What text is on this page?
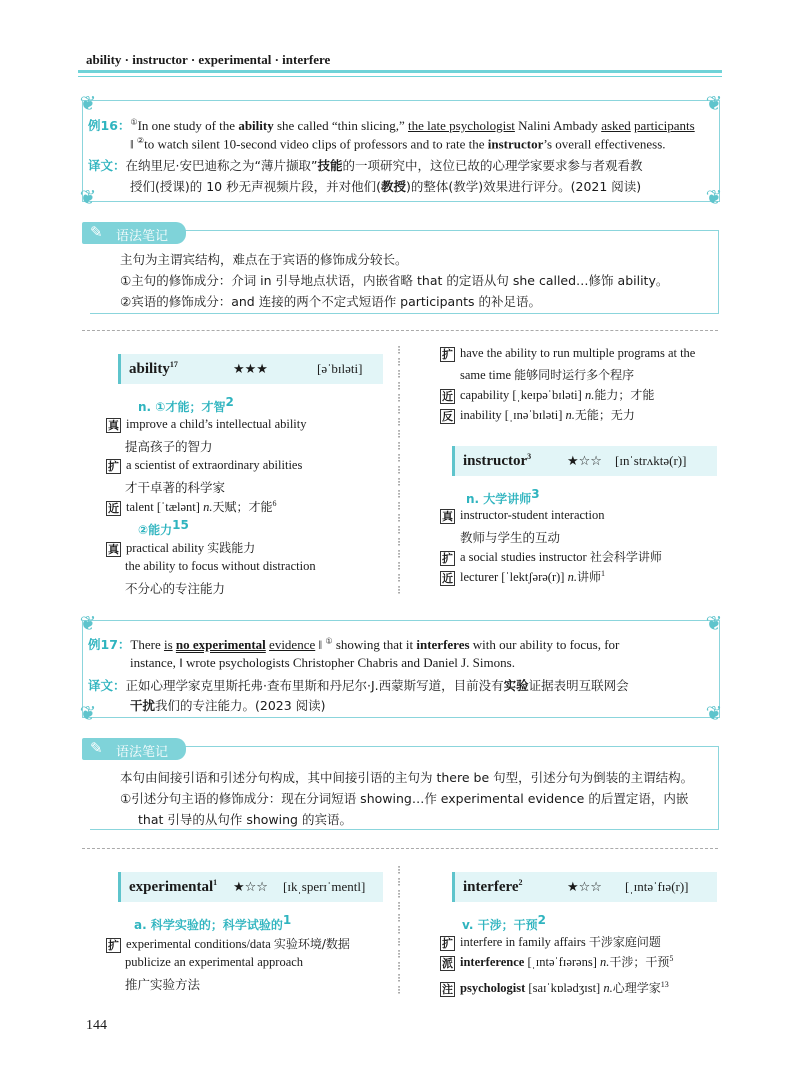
ability · instructor · experimental · interfere
❦	❦
❦	❦
例16：①In one study of the ability she called “thin slicing,” the late psychologist Nalini Ambady asked participants
‖ ②to watch silent 10-second video clips of professors and to rate the instructor’s overall effectiveness.
译文：在纳里尼·安巴迪称之为“薄片撷取”技能的一项研究中，这位已故的心理学家要求参与者观看教
授们(授课)的 10 秒无声视频片段，并对他们(教授)的整体(教学)效果进行评分。(2021 阅读)
✎ 语法笔记
主句为主谓宾结构，难点在于宾语的修饰成分较长。
①主句的修饰成分：介词 in 引导地点状语，内嵌省略 that 的定语从句 she called…修饰 ability。
②宾语的修饰成分：and 连接的两个不定式短语作 participants 的补足语。
ability$^{17}$	★★★	[əˈbɪləti]
n. ①才能；才智$^2$
真 improve a child’s intellectual ability
提高孩子的智力
扩 a scientist of extraordinary abilities
才干卓著的科学家
近 talent [ˈtælənt] n.天赋；才能$^6$
②能力$^{15}$
真 practical ability 实践能力
the ability to focus without distraction
不分心的专注能力
⁝
⁝
⁝
⁝
⁝
⁝
⁝
⁝
⁝
⁝
⁝
⁝
⁝
⁝
⁝
⁝
⁝
⁝
⁝
⁝
⁝
扩 have the ability to run multiple programs at the
same time 能够同时运行多个程序
近 capability [ˌkeɪpəˈbɪləti] n.能力；才能
反 inability [ˌɪnəˈbɪləti] n.无能；无力
instructor$^3$	★☆☆ [ɪnˈstrʌktə(r)]
n. 大学讲师$^3$
真 instructor-student interaction
教师与学生的互动
扩 a social studies instructor 社会科学讲师
近 lecturer [ˈlektʃərə(r)] n.讲师$^1$
❦	❦
❦	❦
例17：There is no experimental evidence ‖ ① showing that it interferes with our ability to focus, for
instance, ‖ wrote psychologists Christopher Chabris and Daniel J. Simons.
译文：正如心理学家克里斯托弗·查布里斯和丹尼尔·J.西蒙斯写道，目前没有实验证据表明互联网会
干扰我们的专注能力。(2023 阅读)
✎ 语法笔记
本句由间接引语和引述分句构成，其中间接引语的主句为 there be 句型，引述分句为倒装的主谓结构。
①引述分句主语的修饰成分：现在分词短语 showing…作 experimental evidence 的后置定语，内嵌
that 引导的从句作 showing 的宾语。
experimental$^1$ ★☆☆ [ɪkˌsperɪˈmentl]
a. 科学实验的；科学试验的$^1$
扩 experimental conditions/data 实验环境/数据
publicize an experimental approach
推广实验方法
⁝
⁝
⁝
⁝
⁝
⁝
⁝
⁝
⁝
⁝
⁝
interfere$^2$	★☆☆ [ˌɪntəˈfɪə(r)]
v. 干涉；干预$^2$
扩 interfere in family affairs 干涉家庭问题
派 interference [ˌɪntəˈfɪərəns] n.干涉；干预$^5$
注 psychologist [saɪˈkɒlədʒɪst] n.心理学家$^{13}$
144
